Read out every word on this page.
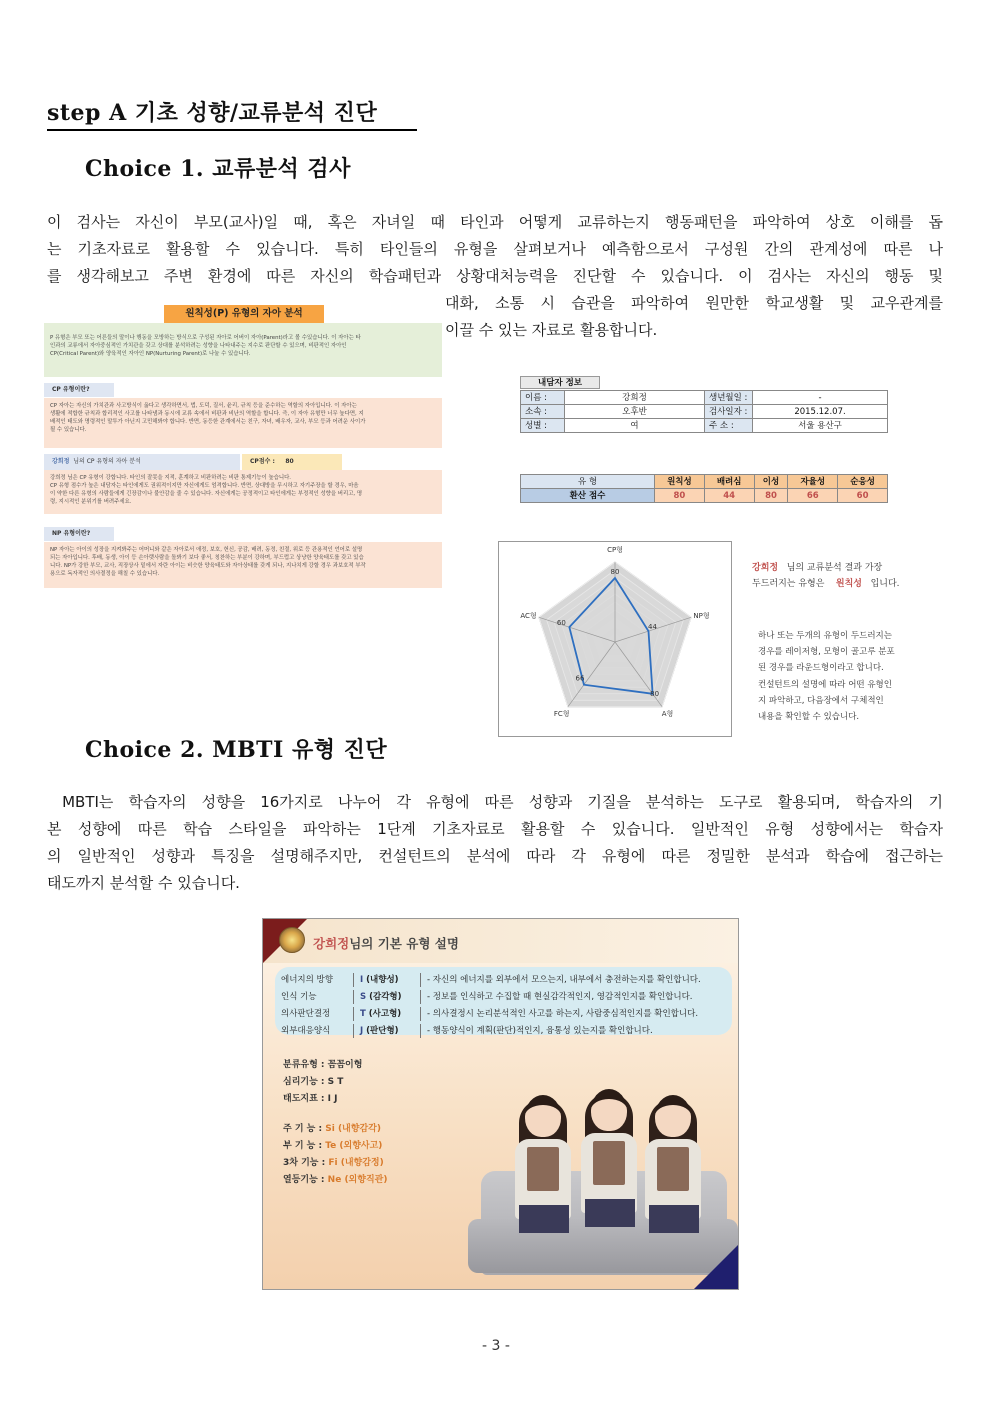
step A 기초 성향/교류분석 진단
Choice 1. 교류분석 검사
이 검사는 자신이 부모(교사)일 때, 혹은 자녀일 때 타인과 어떻게 교류하는지 행동패턴을 파악하여 상호 이해를 돕
는 기초자료로 활용할 수 있습니다. 특히 타인들의 유형을 살펴보거나 예측함으로서 구성원 간의 관계성에 따른 나
를 생각해보고 주변 환경에 따른 자신의 학습패턴과 상황대처능력을 진단할 수 있습니다. 이 검사는 자신의 행동 및
대화, 소통 시 습관을 파악하여 원만한 학교생활 및 교우관계를
이끌 수 있는 자료로 활용합니다.
원칙성(P) 유형의 자아 분석
P 유형은 부모 또는 어른들의 말이나 행동을 모방하는 방식으로 구성된 자아로 어버이 자아(Parent)라고 볼 수있습니다. 이 자아는 타
인과의 교류에서 자아중심적인 가치관을 갖고 상대를 분석하려는 성향을 나타내주는 지수로 판단할 수 있으며, 비판적인 자아인
CP(Critical Parent)와 양육적인 자아인 NP(Nurturing Parent)로 나눌 수 있습니다.
CP 유형이란?
CP 자아는 자신의 가치관과 사고방식이 옳다고 생각하면서, 법, 도덕, 질서, 윤리, 규칙 등을 준수하는 역할의 자아입니다. 이 자아는
생활에 적합한 규칙과 합리적인 사고를 나타냄과 동시에 교류 속에서 비판과 비난의 역할을 합니다. 즉, 이 자아 유형만 너무 높다면, 지
배적인 태도와 명령적인 말투가 아닌지 고민해봐야 합니다. 반면, 동등한 관계에서는 친구, 자녀, 배우자, 교사, 부모 등과 어려운 사이가
될 수 있습니다.
강희정 님의 CP 유형의 자아 분석	CP점수 : 80
강희정 님은 CP 유형이 강합니다. 타인의 잘못을 지적, 훈계하고 비판하려는 비판 통제기능이 높습니다.
CP 유형 점수가 높은 내담자는 타인에게도 권위적이지만 자신에게도 엄격합니다. 반면, 상대방을 무시하고 자기주장을 할 경우, 마음
이 약한 다른 유형의 사람들에게 긴장감이나 불안감을 줄 수 있습니다. 자신에게는 공정적이고 타인에게는 부정적인 성향을 버리고, 명
령, 지시적인 분위기를 버려주세요.
NP 유형이란?
NP 자아는 아이의 성장을 지켜봐주는 어머니와 같은 자아로서 애정, 보호, 헌신, 공감, 배려, 동정, 친절, 위로 등 관용적인 언어로 설명
되는 자아입니다. 후배, 동생, 아이 등 손아랫사람을 돌봐기 보다 좋서, 칭찬하는 부분이 강하며, 부드럽고 상냥한 양육태도를 갖고 있습
니다. NP가 강한 부모, 교사, 직장상사 밑에서 자란 아이는 비슷한 양육태도와 자아상태를 갖게 되나, 지나치게 강할 경우 과보호적 부작
용으로 독자적인 의사결정을 해칠 수 있습니다.
내담자 정보
이름 :	강희정	생년월일 :	-
소속 :	오후반	검사일자 :	2015.12.07.
성별 :	여	주 소 :	서울 용산구
유 형	원칙성	배려심	이성	자율성	순응성
환산 점수	80	44	80	66	60
CP형
NP형
A형
FC형
AC형
80
44
80
66
60
강희정 님의 교류분석 결과 가장
두드러지는 유형은 원칙성 입니다.
하나 또는 두개의 유형이 두드러지는
경우를 레이저형, 모형이 골고루 분포
된 경우를 라운드형이라고 합니다.
컨설턴트의 설명에 따라 어떤 유형인
지 파악하고, 다음장에서 구체적인
내용을 확인할 수 있습니다.
Choice 2. MBTI 유형 진단
MBTI는 학습자의 성향을 16가지로 나누어 각 유형에 따른 성향과 기질을 분석하는 도구로 활용되며, 학습자의 기
본 성향에 따른 학습 스타일을 파악하는 1단계 기초자료로 활용할 수 있습니다. 일반적인 유형 성향에서는 학습자
의 일반적인 성향과 특징을 설명해주지만, 컨설턴트의 분석에 따라 각 유형에 따른 정밀한 분석과 학습에 접근하는
태도까지 분석할 수 있습니다.
강희정님의 기본 유형 설명
에너지의 방향	I (내향성)	- 자신의 에너지를 외부에서 모으는지, 내부에서 충전하는지를 확인합니다.
인식 기능	S (감각형)	- 정보를 인식하고 수집할 때 현실감각적인지, 영감적인지를 확인합니다.
의사판단결정	T (사고형)	- 의사결정시 논리분석적인 사고를 하는지, 사람중심적인지를 확인합니다.
외부대응양식	J (판단형)	- 행동양식이 계획(판단)적인지, 융통성 있는지를 확인합니다.
분류유형 : 꼼꼼이형
심리기능 : S T
태도지표 : I J
주 기 능 : Si (내향감각)
부 기 능 : Te (외향사고)
3차 기능 : Fi (내향감정)
열등기능 : Ne (외향직관)
- 3 -
